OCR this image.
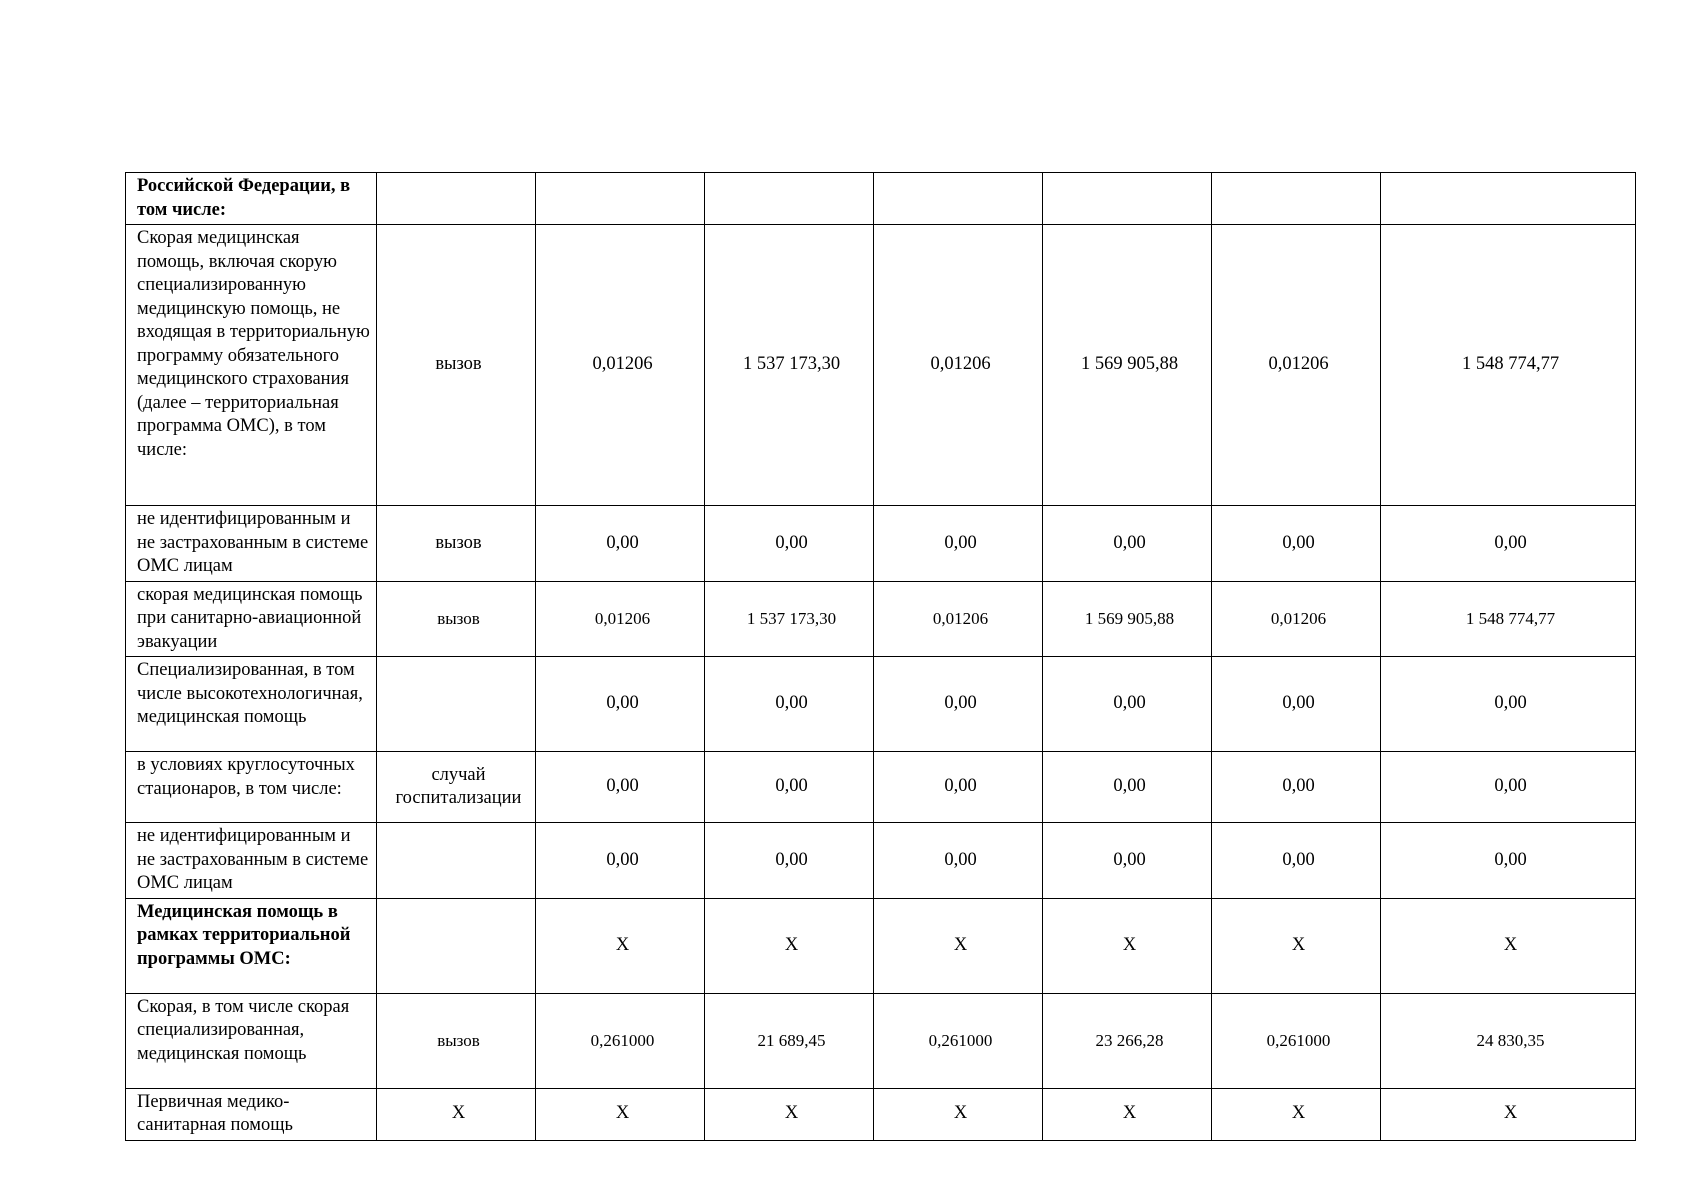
Российской Федерации, в том числе:							
Скорая медицинская помощь, включая скорую специализированную медицинскую помощь, не входящая в территориальную программу обязательного медицинского страхования (далее – территориальная программа ОМС), в том числе:	вызов	0,01206	1 537 173,30	0,01206	1 569 905,88	0,01206	1 548 774,77
не идентифицированным и не застрахованным в системе ОМС лицам	вызов	0,00	0,00	0,00	0,00	0,00	0,00
скорая медицинская помощь при санитарно-авиационной эвакуации	вызов	0,01206	1 537 173,30	0,01206	1 569 905,88	0,01206	1 548 774,77
Специализированная, в том числе высокотехнологичная, медицинская помощь		0,00	0,00	0,00	0,00	0,00	0,00
в условиях круглосуточных стационаров, в том числе:	случай госпитализации	0,00	0,00	0,00	0,00	0,00	0,00
не идентифицированным и не застрахованным в системе ОМС лицам		0,00	0,00	0,00	0,00	0,00	0,00
Медицинская помощь в рамках территориальной программы ОМС:		Х	Х	Х	Х	Х	Х
Скорая, в том числе скорая специализированная, медицинская помощь	вызов	0,261000	21 689,45	0,261000	23 266,28	0,261000	24 830,35
Первичная медико-санитарная помощь	Х	Х	Х	Х	Х	Х	Х
